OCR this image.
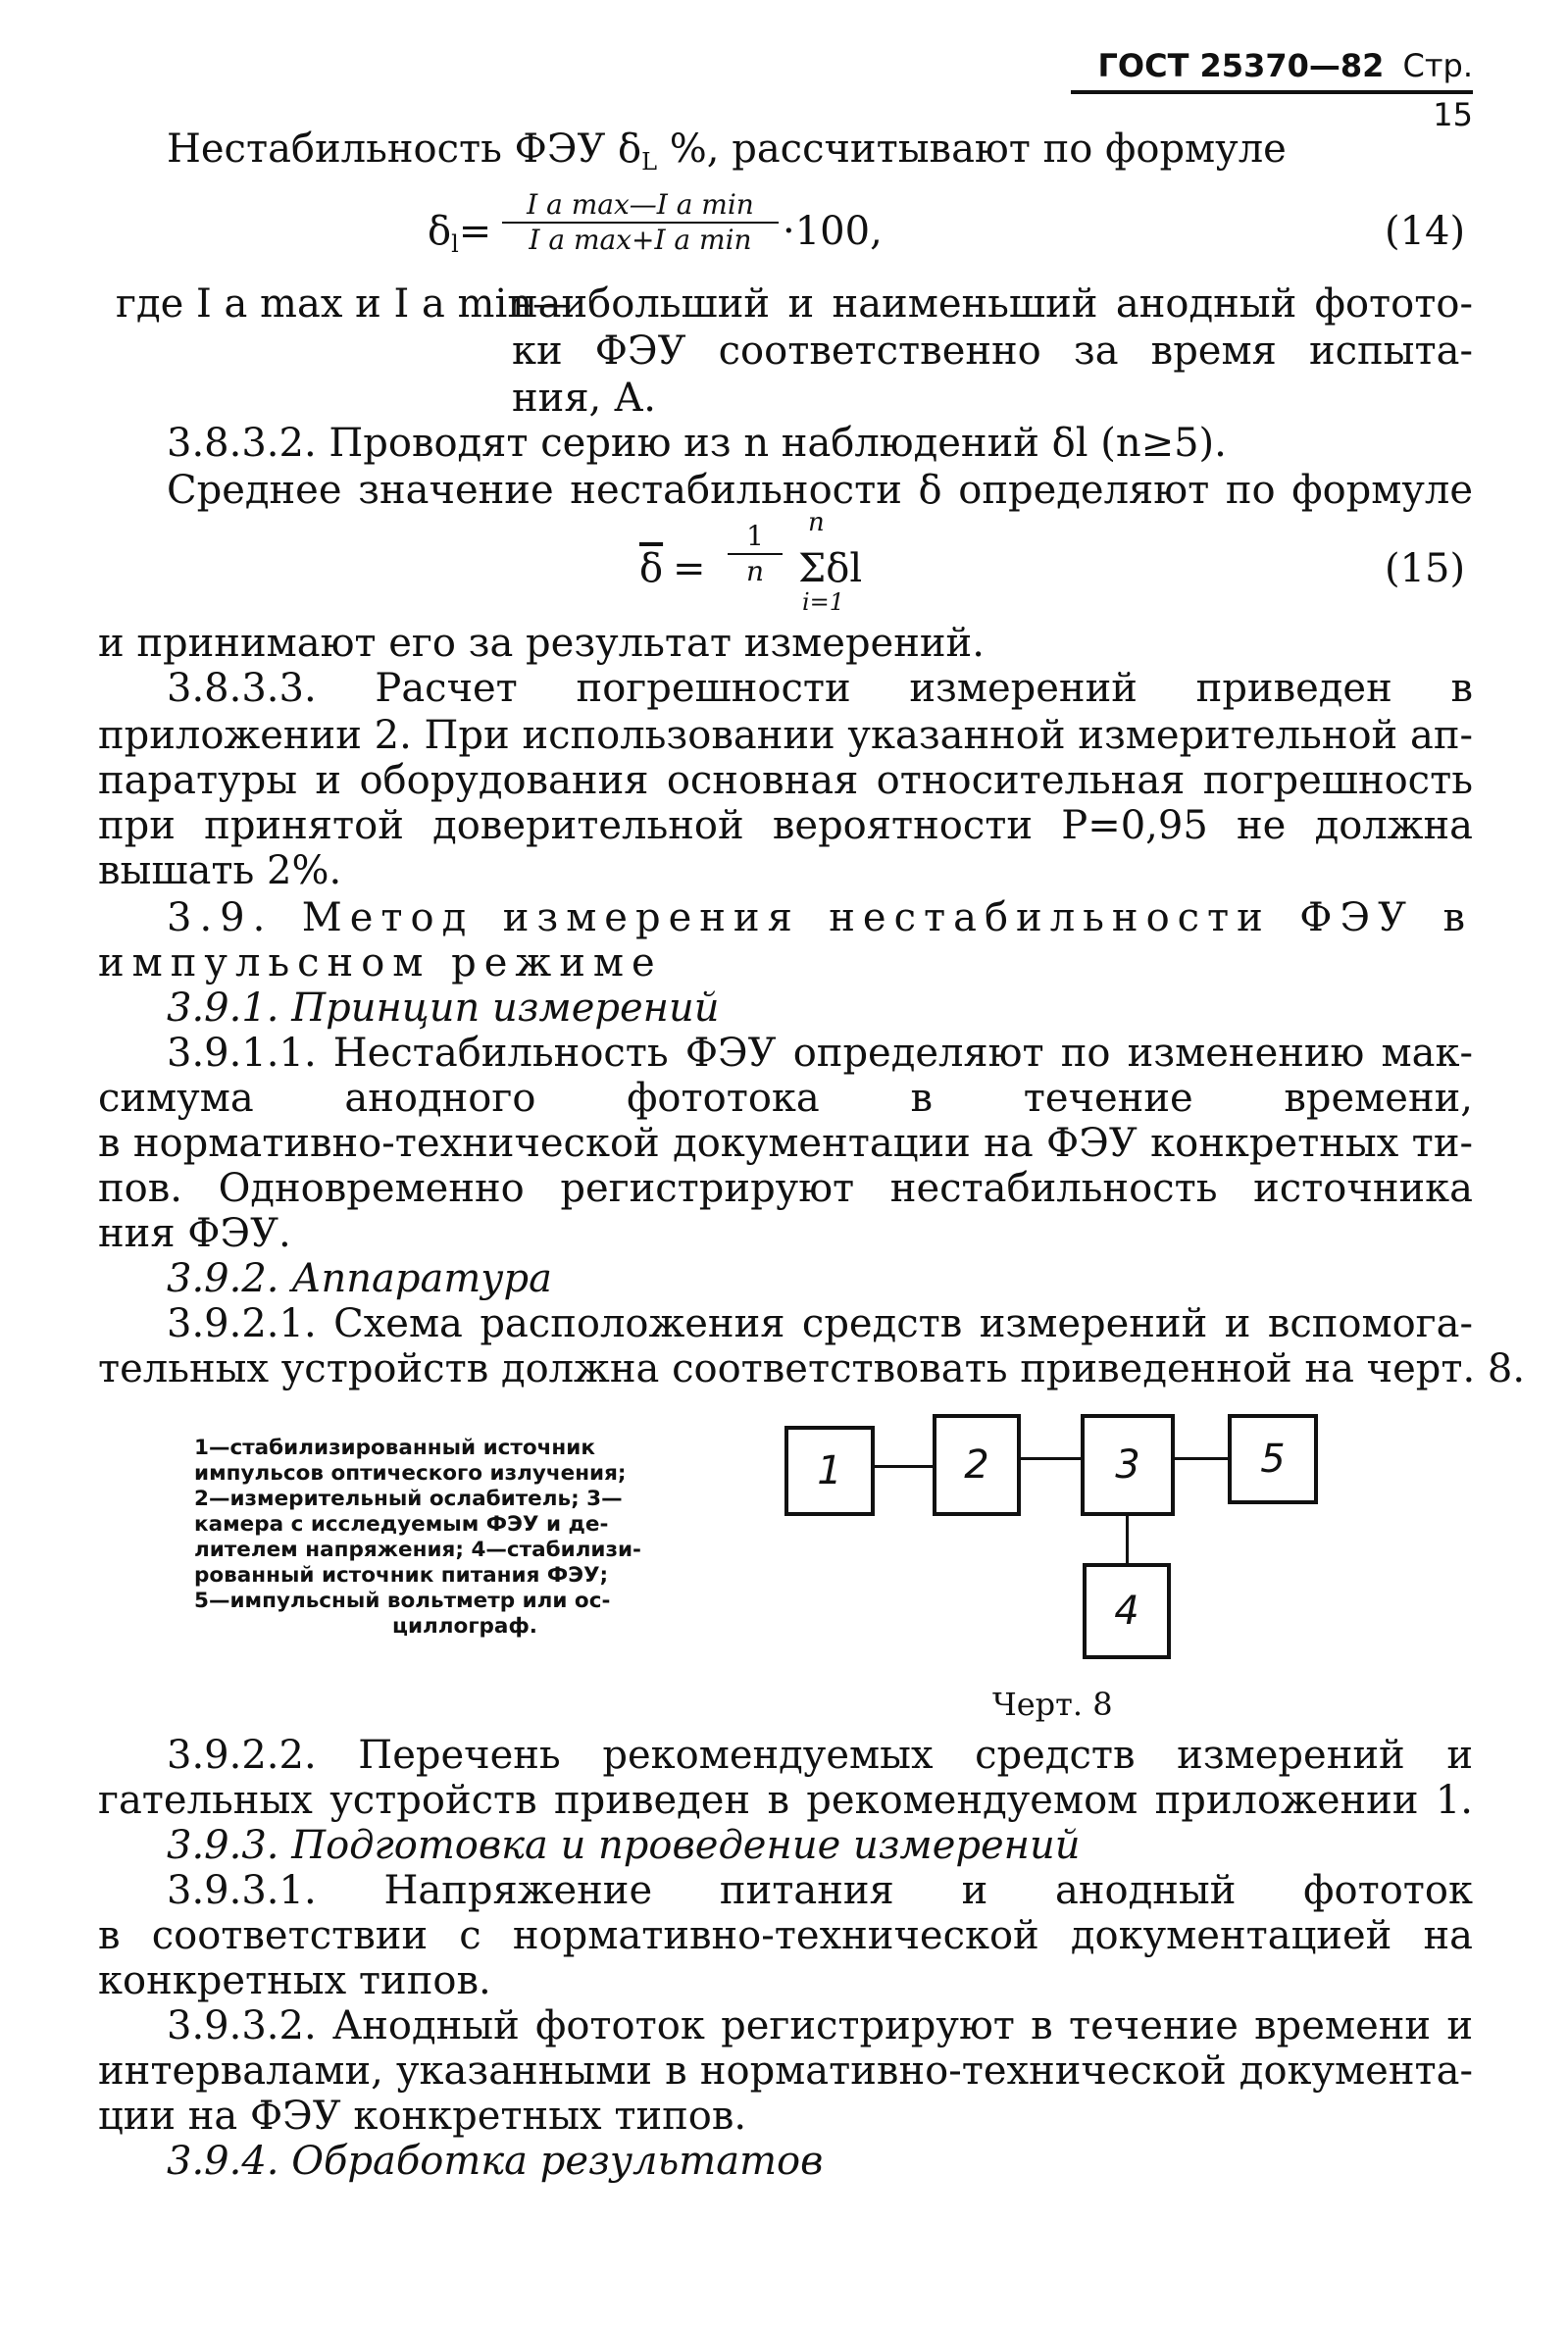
ГОСТ 25370—82 Стр. 15
Нестабильность ФЭУ $\delta_L$ %, рассчитывают по формуле
$\delta_l=$
I a max—I a min
I a max+I a min ·100,	(14)
где I a max и I a min—
наибольший и наименьший анодный фотото-
ки ФЭУ соответственно за время испыта-
ния, А.
3.8.3.2. Проводят серию из n наблюдений δl (n≥5).
Среднее значение нестабильности δ определяют по формуле
$\overline{\delta} = \frac{1}{n}$ n
Σδl
i=1
(15)
и принимают его за результат измерений.
3.8.3.3. Расчет погрешности измерений приведен в
приложении 2. При использовании указанной измерительной ап-
паратуры и оборудования основная относительная погрешность
при принятой доверительной вероятности P=0,95 не должна
вышать 2%.
3.9. Метод измерения нестабильности ФЭУ в
импульсном режиме
3.9.1. Принцип измерений
3.9.1.1. Нестабильность ФЭУ определяют по изменению мак-
симума анодного фототока в течение времени,
в нормативно-технической документации на ФЭУ конкретных ти-
пов. Одновременно регистрируют нестабильность источника
ния ФЭУ.
3.9.2. Аппаратура
3.9.2.1. Схема расположения средств измерений и вспомога-
тельных устройств должна соответствовать приведенной на черт. 8.
1—стабилизированный источник
импульсов оптического излучения;
2—измерительный ослабитель; 3—
камера с исследуемым ФЭУ и де-
лителем напряжения; 4—стабилизи-
рованный источник питания ФЭУ;
5—импульсный вольтметр или ос-

циллограф.
1	2	3	5
4
Черт. 8
3.9.2.2. Перечень рекомендуемых средств измерений и
гательных устройств приведен в рекомендуемом приложении 1.
3.9.3. Подготовка и проведение измерений
3.9.3.1. Напряжение питания и анодный фототок
в соответствии с нормативно-технической документацией на
конкретных типов.
3.9.3.2. Анодный фототок регистрируют в течение времени и
интервалами, указанными в нормативно-технической документа-
ции на ФЭУ конкретных типов.
3.9.4. Обработка результатов
